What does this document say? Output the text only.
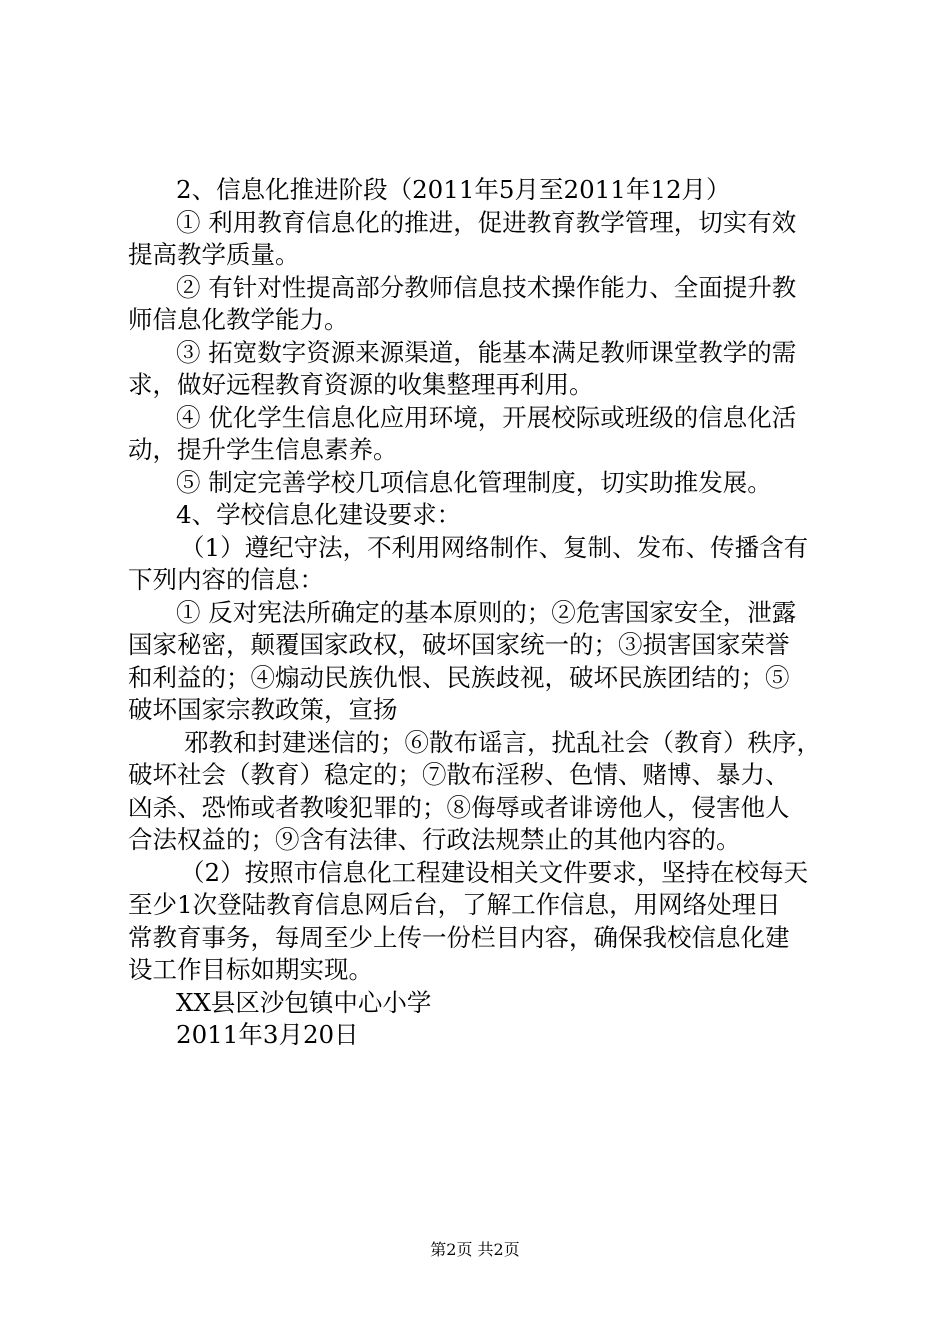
2、信息化推进阶段（2011年5月至2011年12月）
① 利用教育信息化的推进，促进教育教学管理，切实有效
提高教学质量。
② 有针对性提高部分教师信息技术操作能力、全面提升教
师信息化教学能力。
③ 拓宽数字资源来源渠道，能基本满足教师课堂教学的需
求，做好远程教育资源的收集整理再利用。
④ 优化学生信息化应用环境，开展校际或班级的信息化活
动，提升学生信息素养。
⑤ 制定完善学校几项信息化管理制度，切实助推发展。
4、学校信息化建设要求：
（1）遵纪守法，不利用网络制作、复制、发布、传播含有
下列内容的信息：
① 反对宪法所确定的基本原则的；②危害国家安全，泄露
国家秘密，颠覆国家政权，破坏国家统一的；③损害国家荣誉
和利益的；④煽动民族仇恨、民族歧视，破坏民族团结的；⑤
破坏国家宗教政策，宣扬
邪教和封建迷信的；⑥散布谣言，扰乱社会（教育）秩序，
破坏社会（教育）稳定的；⑦散布淫秽、色情、赌博、暴力、
凶杀、恐怖或者教唆犯罪的；⑧侮辱或者诽谤他人，侵害他人
合法权益的；⑨含有法律、行政法规禁止的其他内容的。
（2）按照市信息化工程建设相关文件要求，坚持在校每天
至少1次登陆教育信息网后台，了解工作信息，用网络处理日
常教育事务，每周至少上传一份栏目内容，确保我校信息化建
设工作目标如期实现。
XX县区沙包镇中心小学
2011年3月20日
第2页 共2页
